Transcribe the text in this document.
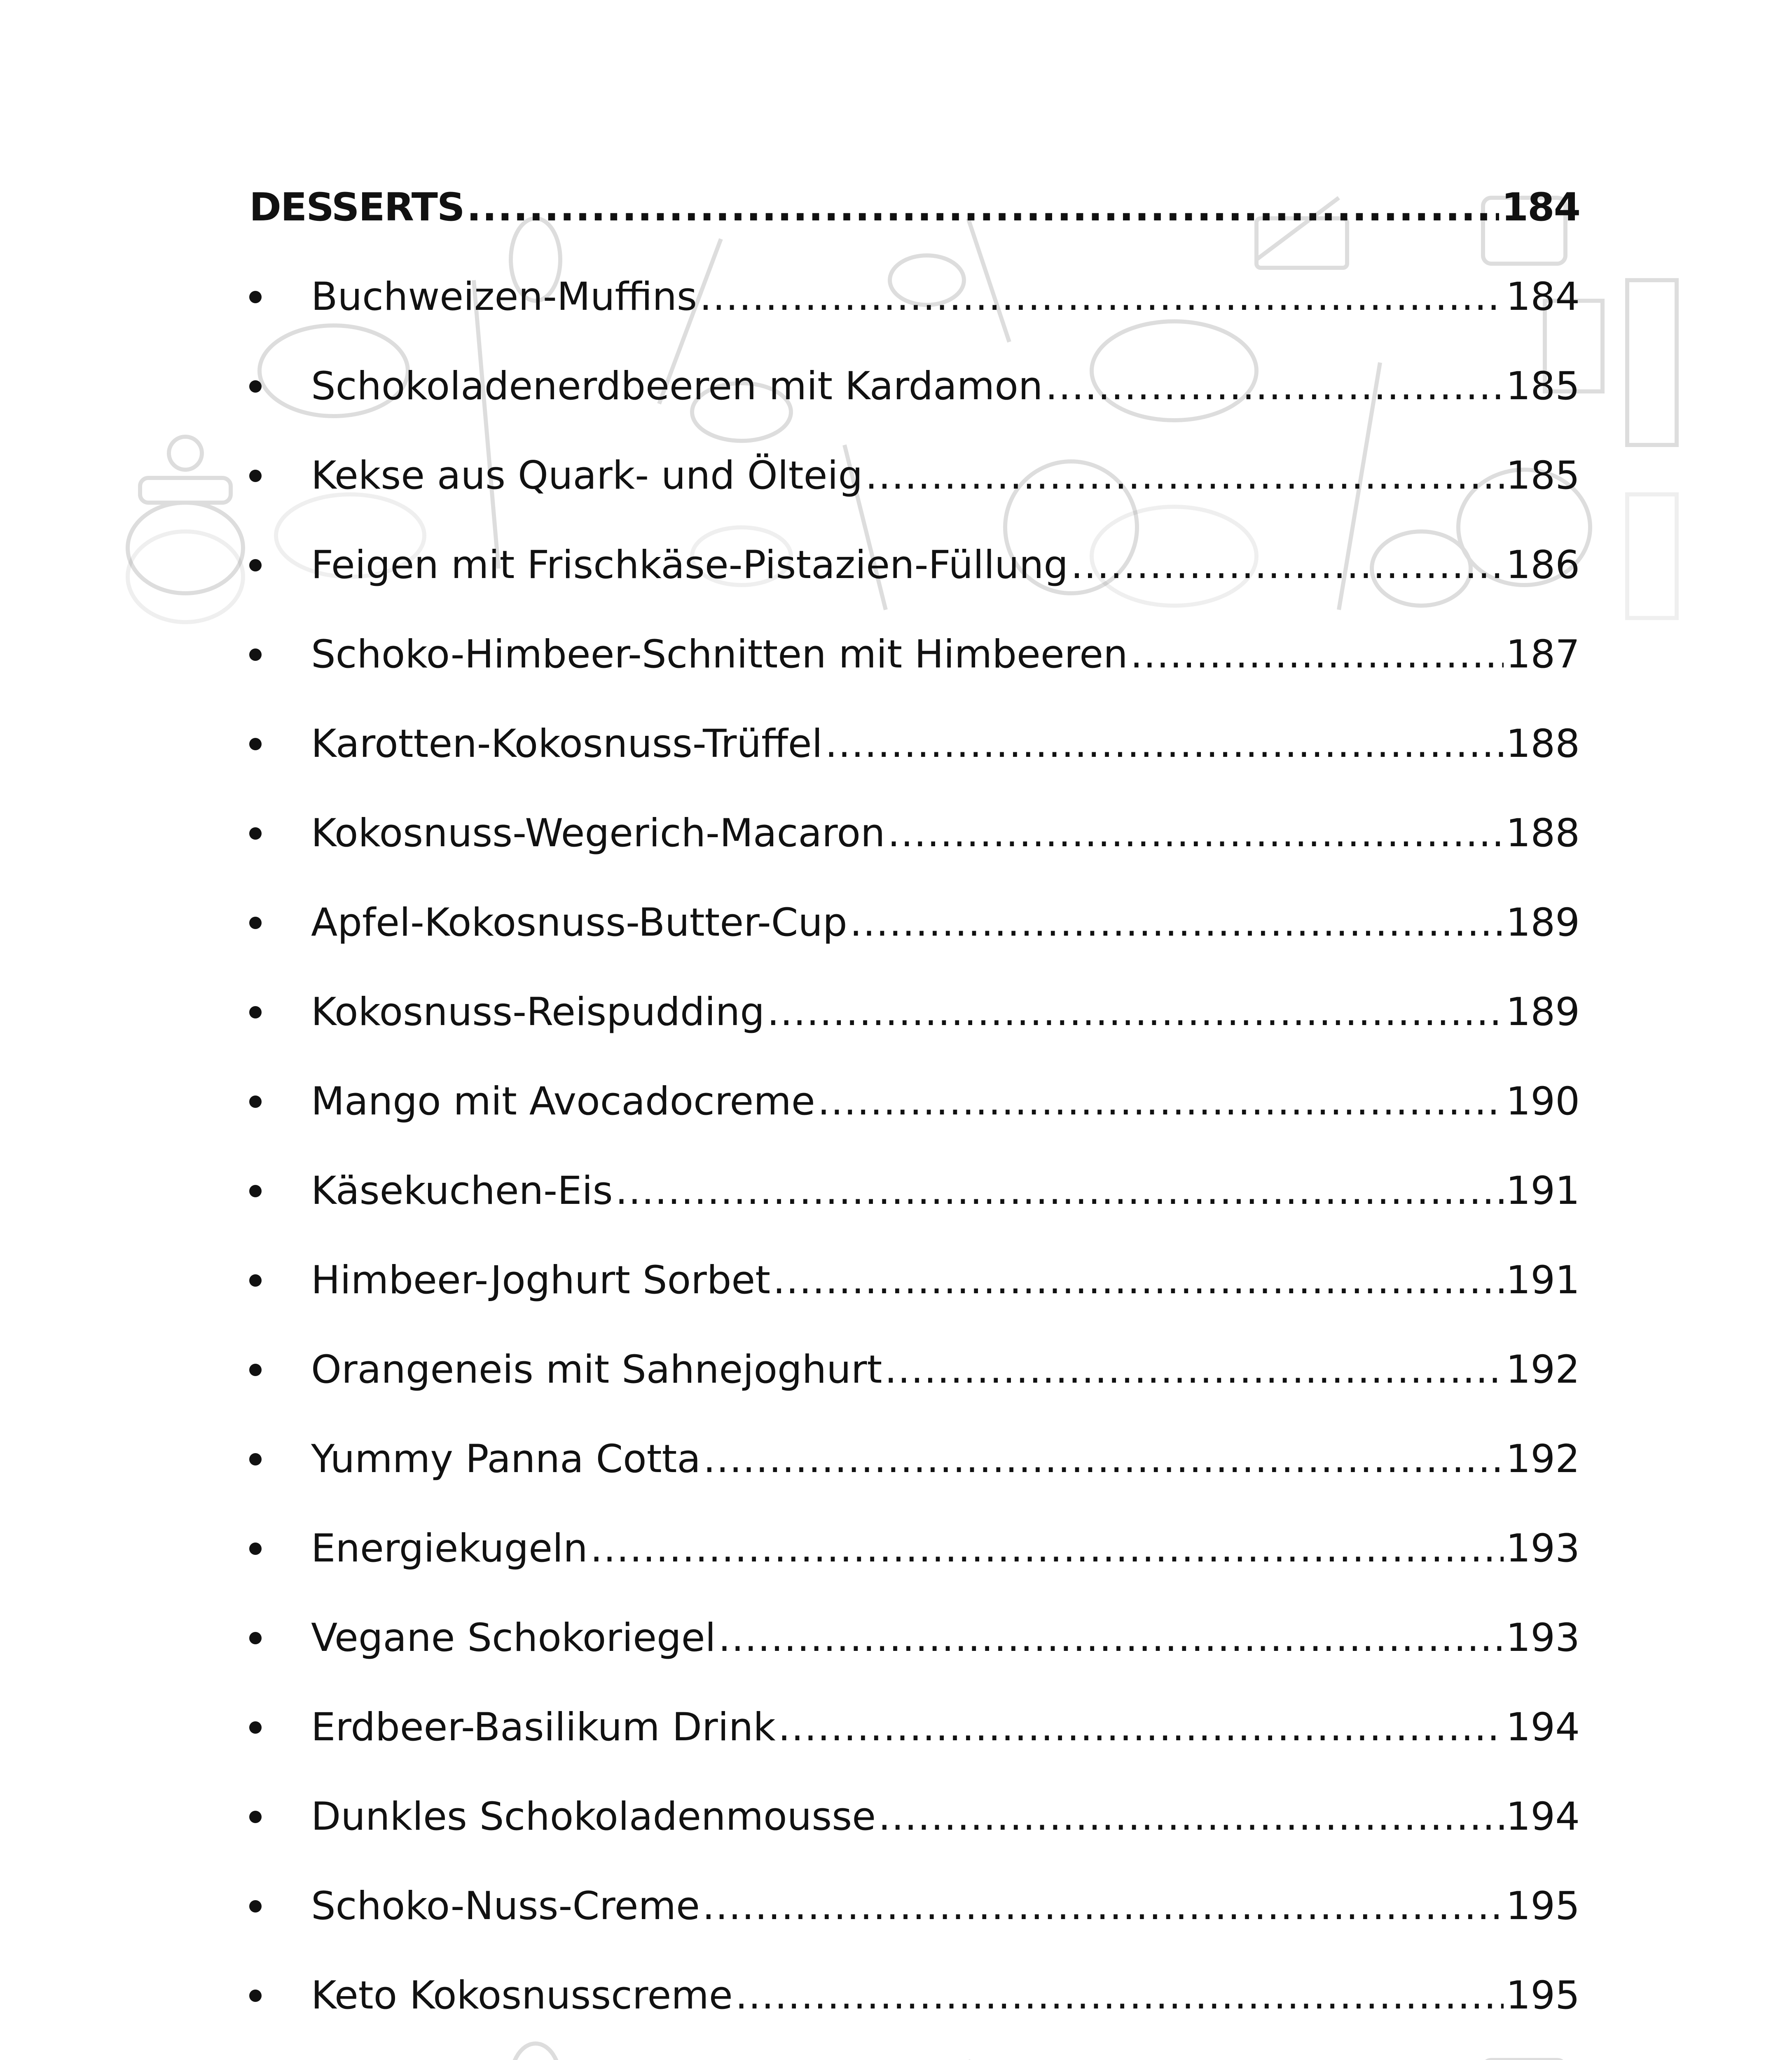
DESSERTS .....	184
Buchweizen-Muffins .....	184
Schokoladenerdbeeren mit Kardamon .....	185
Kekse aus Quark- und Ölteig .....	185
Feigen mit Frischkäse-Pistazien-Füllung .....	186
Schoko-Himbeer-Schnitten mit Himbeeren .....	187
Karotten-Kokosnuss-Trüffel .....	188
Kokosnuss-Wegerich-Macaron .....	188
Apfel-Kokosnuss-Butter-Cup .....	189
Kokosnuss-Reispudding .....	189
Mango mit Avocadocreme .....	190
Käsekuchen-Eis .....	191
Himbeer-Joghurt Sorbet .....	191
Orangeneis mit Sahnejoghurt .....	192
Yummy Panna Cotta .....	192
Energiekugeln .....	193
Vegane Schokoriegel .....	193
Erdbeer-Basilikum Drink .....	194
Dunkles Schokoladenmousse .....	194
Schoko-Nuss-Creme .....	195
Keto Kokosnusscreme .....	195
